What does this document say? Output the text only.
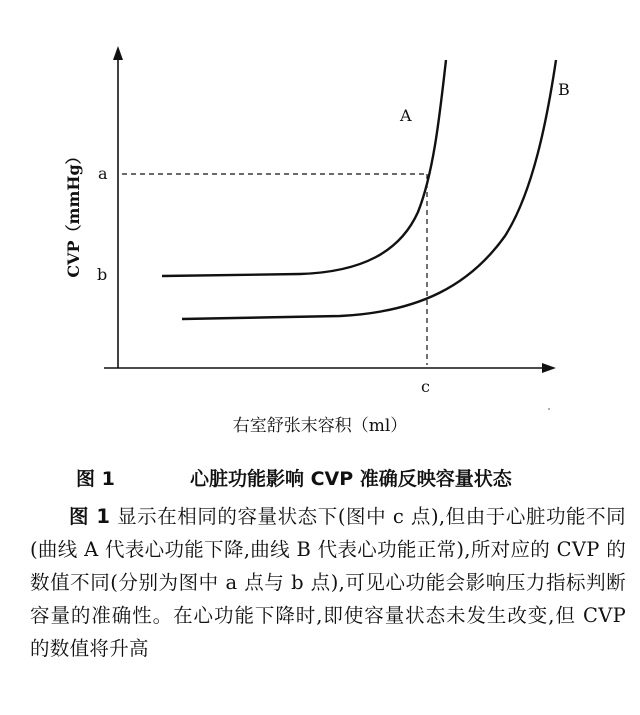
A
B
a
b
c
CVP（mmHg）
右室舒张末容积（ml）
图 1	心脏功能影响 CVP 准确反映容量状态

图 1 显示在相同的容量状态下(图中 c 点),但由于心脏功能不同(曲线 A 代表心功能下降,曲线 B 代表心功能正常),所对应的 CVP 的数值不同(分别为图中 a 点与 b 点),可见心功能会影响压力指标判断容量的准确性。在心功能下降时,即使容量状态未发生改变,但 CVP 的数值将升高
